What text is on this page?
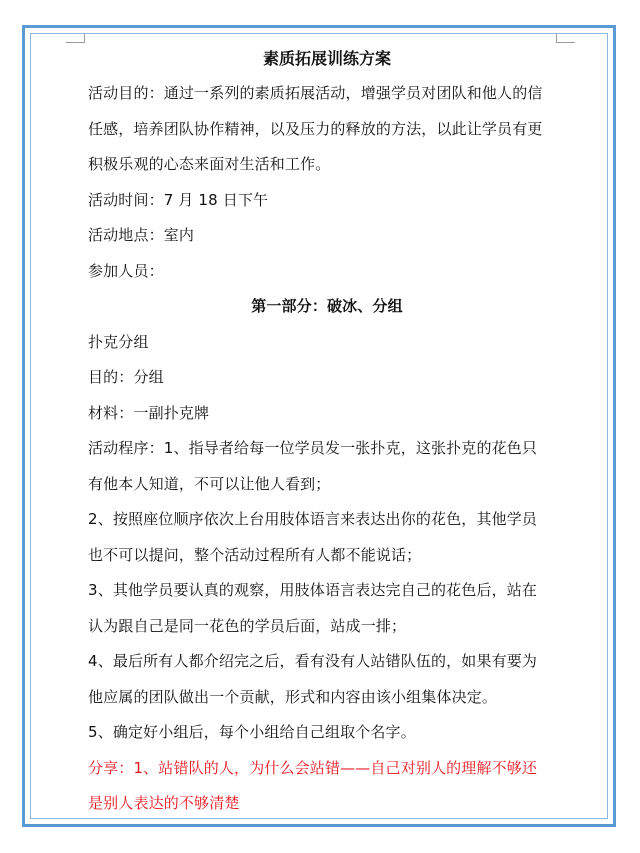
素质拓展训练方案
活动目的：通过一系列的素质拓展活动，增强学员对团队和他人的信
任感，培养团队协作精神，以及压力的释放的方法，以此让学员有更
积极乐观的心态来面对生活和工作。
活动时间：7 月 18 日下午
活动地点：室内
参加人员：
第一部分：破冰、分组
扑克分组
目的：分组
材料：一副扑克牌
活动程序：1、指导者给每一位学员发一张扑克，这张扑克的花色只
有他本人知道，不可以让他人看到；
2、按照座位顺序依次上台用肢体语言来表达出你的花色，其他学员
也不可以提问，整个活动过程所有人都不能说话；
3、其他学员要认真的观察，用肢体语言表达完自己的花色后，站在
认为跟自己是同一花色的学员后面，站成一排；
4、最后所有人都介绍完之后，看有没有人站错队伍的，如果有要为
他应属的团队做出一个贡献，形式和内容由该小组集体决定。
5、确定好小组后，每个小组给自己组取个名字。
分享：1、站错队的人，为什么会站错——自己对别人的理解不够还
是别人表达的不够清楚
